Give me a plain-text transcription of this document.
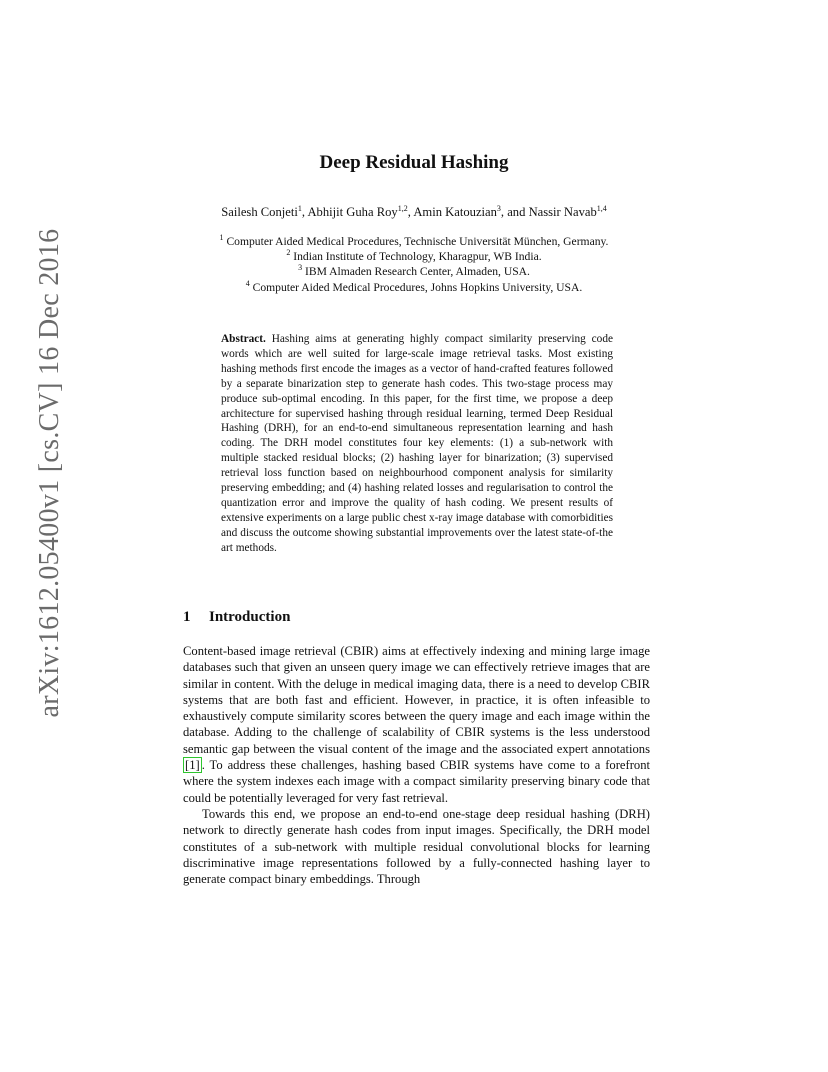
arXiv:1612.05400v1 [cs.CV] 16 Dec 2016
Deep Residual Hashing
Sailesh Conjeti$^1$, Abhijit Guha Roy$^{1,2}$, Amin Katouzian$^3$, and Nassir Navab$^{1,4}$
$^1$ Computer Aided Medical Procedures, Technische Universität München, Germany.
$^2$ Indian Institute of Technology, Kharagpur, WB India.
$^3$ IBM Almaden Research Center, Almaden, USA.
$^4$ Computer Aided Medical Procedures, Johns Hopkins University, USA.
Abstract. Hashing aims at generating highly compact similarity preserving code words which are well suited for large-scale image retrieval tasks. Most existing hashing methods first encode the images as a vector of hand-crafted features followed by a separate binarization step to generate hash codes. This two-stage process may produce sub-optimal encoding. In this paper, for the first time, we propose a deep architecture for supervised hashing through residual learning, termed Deep Residual Hashing (DRH), for an end-to-end simultaneous representation learning and hash coding. The DRH model constitutes four key elements: (1) a sub-network with multiple stacked residual blocks; (2) hashing layer for binarization; (3) supervised retrieval loss function based on neighbourhood component analysis for similarity preserving embedding; and (4) hashing related losses and regularisation to control the quantization error and improve the quality of hash coding. We present results of extensive experiments on a large public chest x-ray image database with comorbidities and discuss the outcome showing substantial improvements over the latest state-of-the art methods.
1 Introduction

Content-based image retrieval (CBIR) aims at effectively indexing and mining large image databases such that given an unseen query image we can effectively retrieve images that are similar in content. With the deluge in medical imaging data, there is a need to develop CBIR systems that are both fast and efficient. However, in practice, it is often infeasible to exhaustively compute similarity scores between the query image and each image within the database. Adding to the challenge of scalability of CBIR systems is the less understood semantic gap between the visual content of the image and the associated expert annotations [1] . To address these challenges, hashing based CBIR systems have come to a forefront where the system indexes each image with a compact similarity preserving binary code that could be potentially leveraged for very fast retrieval.

Towards this end, we propose an end-to-end one-stage deep residual hashing (DRH) network to directly generate hash codes from input images. Specifically, the DRH model constitutes of a sub-network with multiple residual convolutional blocks for learning discriminative image representations followed by a fully-connected hashing layer to generate compact binary embeddings. Through
